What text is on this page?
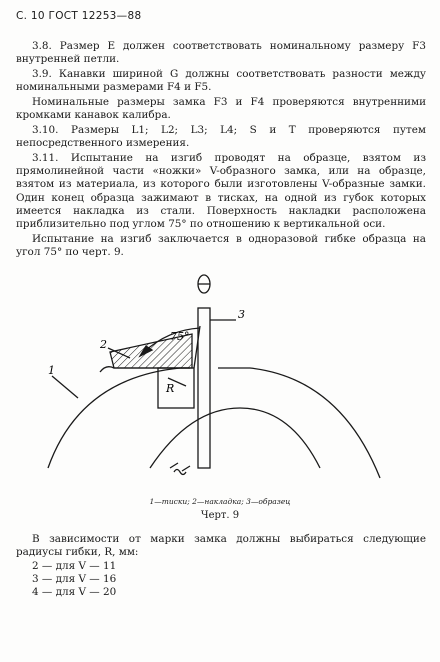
С. 10 ГОСТ 12253—88
3.8. Размер E должен соответствовать номинальному размеру F3 внутренней петли.
3.9. Канавки шириной G должны соответствовать разности между номинальными размерами F4 и F5.
Номинальные размеры замка F3 и F4 проверяются внутренними кромками канавок калибра.
3.10. Размеры L1; L2; L3; L4; S и T проверяются путем непосредственного измерения.
3.11. Испытание на изгиб проводят на образце, взятом из прямолинейной части «ножки» V-образного замка, или на образце, взятом из материала, из которого были изготовлены V-образные замки. Один конец образца зажимают в тисках, на одной из губок которых имеется накладка из стали. Поверхность накладки расположена приблизительно под углом 75° по отношению к вертикальной оси.
Испытание на изгиб заключается в одноразовой гибке образца на угол 75° по черт. 9.
3
2
1
75°
R
1—тиски; 2—накладка; 3—образец
Черт. 9
В зависимости от марки замка должны выбираться следующие радиусы гибки, R, мм:
2 — для V — 11
3 — для V — 16
4 — для V — 20
